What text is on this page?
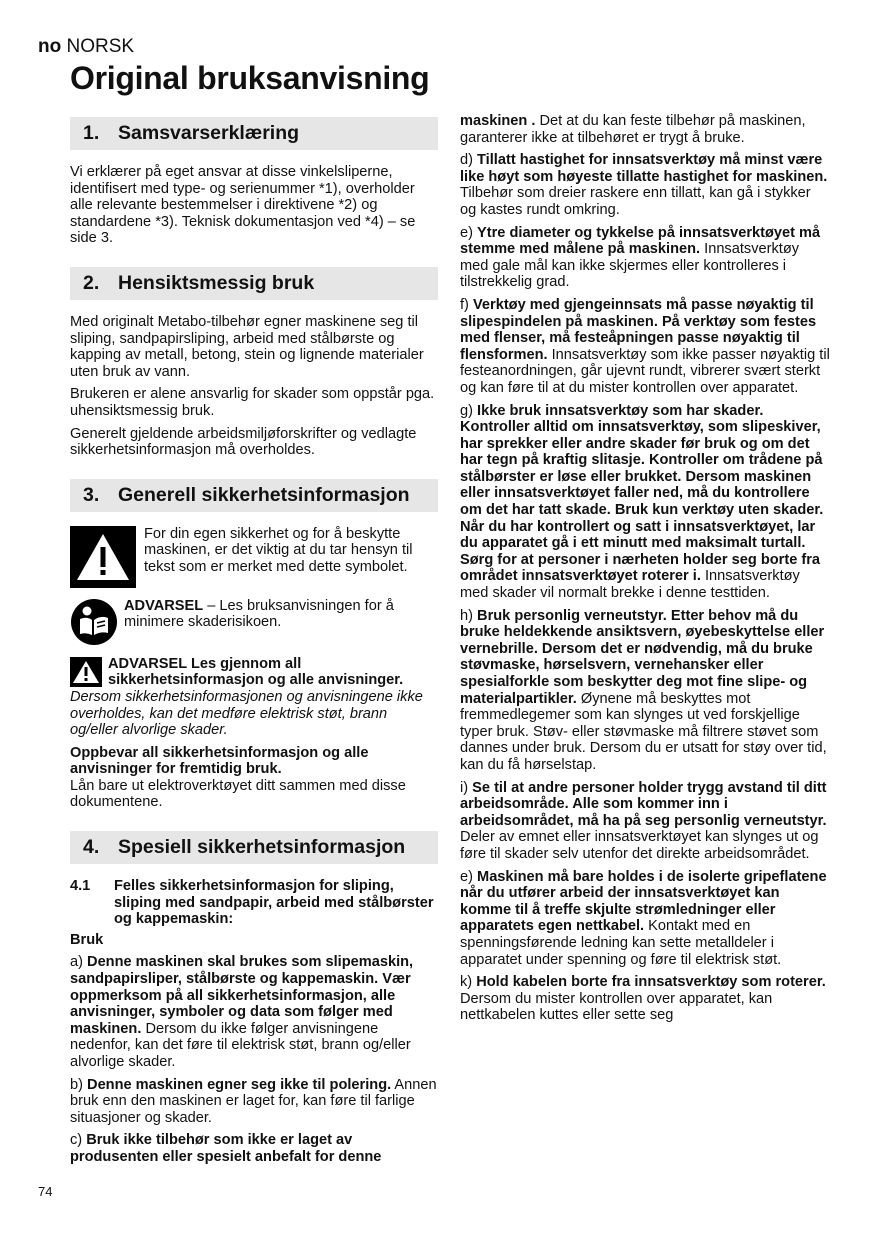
no NORSK
Original bruksanvisning
1. Samsvarserklæring

Vi erklærer på eget ansvar at disse vinkelsliperne, identifisert med type- og serienummer *1), overholder alle relevante bestemmelser i direktivene *2) og standardene *3). Teknisk dokumentasjon ved *4) – se side 3.

2. Hensiktsmessig bruk

Med originalt Metabo-tilbehør egner maskinene seg til sliping, sandpapirsliping, arbeid med stålbørste og kapping av metall, betong, stein og lignende materialer uten bruk av vann.

Brukeren er alene ansvarlig for skader som oppstår pga. uhensiktsmessig bruk.

Generelt gjeldende arbeidsmiljøforskrifter og vedlagte sikkerhetsinformasjon må overholdes.

3. Generell sikkerhetsinformasjon
For din egen sikkerhet og for å beskytte maskinen, er det viktig at du tar hensyn til tekst som er merket med dette symbolet.
ADVARSEL – Les bruksanvisningen for å minimere skaderisikoen.

ADVARSEL Les gjennom all sikkerhetsinformasjon og alle anvisninger. Dersom sikkerhetsinformasjonen og anvisningene ikke overholdes, kan det medføre elektrisk støt, brann og/eller alvorlige skader.

Oppbevar all sikkerhetsinformasjon og alle anvisninger for fremtidig bruk.
Lån bare ut elektroverktøyet ditt sammen med disse dokumentene.

4. Spesiell sikkerhetsinformasjon
4.1	Felles sikkerhetsinformasjon for sliping, sliping med sandpapir, arbeid med stålbørster og kappemaskin:

Bruk

a) Denne maskinen skal brukes som slipemaskin, sandpapirsliper, stålbørste og kappemaskin. Vær oppmerksom på all sikkerhetsinformasjon, alle anvisninger, symboler og data som følger med maskinen. Dersom du ikke følger anvisningene nedenfor, kan det føre til elektrisk støt, brann og/eller alvorlige skader.

b) Denne maskinen egner seg ikke til polering. Annen bruk enn den maskinen er laget for, kan føre til farlige situasjoner og skader.

c) Bruk ikke tilbehør som ikke er laget av produsenten eller spesielt anbefalt for denne

maskinen . Det at du kan feste tilbehør på maskinen, garanterer ikke at tilbehøret er trygt å bruke.

d) Tillatt hastighet for innsatsverktøy må minst være like høyt som høyeste tillatte hastighet for maskinen. Tilbehør som dreier raskere enn tillatt, kan gå i stykker og kastes rundt omkring.

e) Ytre diameter og tykkelse på innsatsverktøyet må stemme med målene på maskinen. Innsatsverktøy med gale mål kan ikke skjermes eller kontrolleres i tilstrekkelig grad.

f) Verktøy med gjengeinnsats må passe nøyaktig til slipespindelen på maskinen. På verktøy som festes med flenser, må festeåpningen passe nøyaktig til flensformen. Innsatsverktøy som ikke passer nøyaktig til festeanordningen, går ujevnt rundt, vibrerer svært sterkt og kan føre til at du mister kontrollen over apparatet.

g) Ikke bruk innsatsverktøy som har skader. Kontroller alltid om innsatsverktøy, som slipeskiver, har sprekker eller andre skader før bruk og om det har tegn på kraftig slitasje. Kontroller om trådene på stålbørster er løse eller brukket. Dersom maskinen eller innsatsverktøyet faller ned, må du kontrollere om det har tatt skade. Bruk kun verktøy uten skader. Når du har kontrollert og satt i innsatsverktøyet, lar du apparatet gå i ett minutt med maksimalt turtall. Sørg for at personer i nærheten holder seg borte fra området innsatsverktøyet roterer i. Innsatsverktøy med skader vil normalt brekke i denne testtiden.

h) Bruk personlig verneutstyr. Etter behov må du bruke heldekkende ansiktsvern, øyebeskyttelse eller vernebrille. Dersom det er nødvendig, må du bruke støvmaske, hørselsvern, vernehansker eller spesialforkle som beskytter deg mot fine slipe- og materialpartikler. Øynene må beskyttes mot fremmedlegemer som kan slynges ut ved forskjellige typer bruk. Støv- eller støvmaske må filtrere støvet som dannes under bruk. Dersom du er utsatt for støy over tid, kan du få hørselstap.

i) Se til at andre personer holder trygg avstand til ditt arbeidsområde. Alle som kommer inn i arbeidsområdet, må ha på seg personlig verneutstyr. Deler av emnet eller innsatsverktøyet kan slynges ut og føre til skader selv utenfor det direkte arbeidsområdet.

e) Maskinen må bare holdes i de isolerte gripeflatene når du utfører arbeid der innsatsverktøyet kan komme til å treffe skjulte strømledninger eller apparatets egen nettkabel. Kontakt med en spenningsførende ledning kan sette metalldeler i apparatet under spenning og føre til elektrisk støt.

k) Hold kabelen borte fra innsatsverktøy som roterer. Dersom du mister kontrollen over apparatet, kan nettkabelen kuttes eller sette seg

74
